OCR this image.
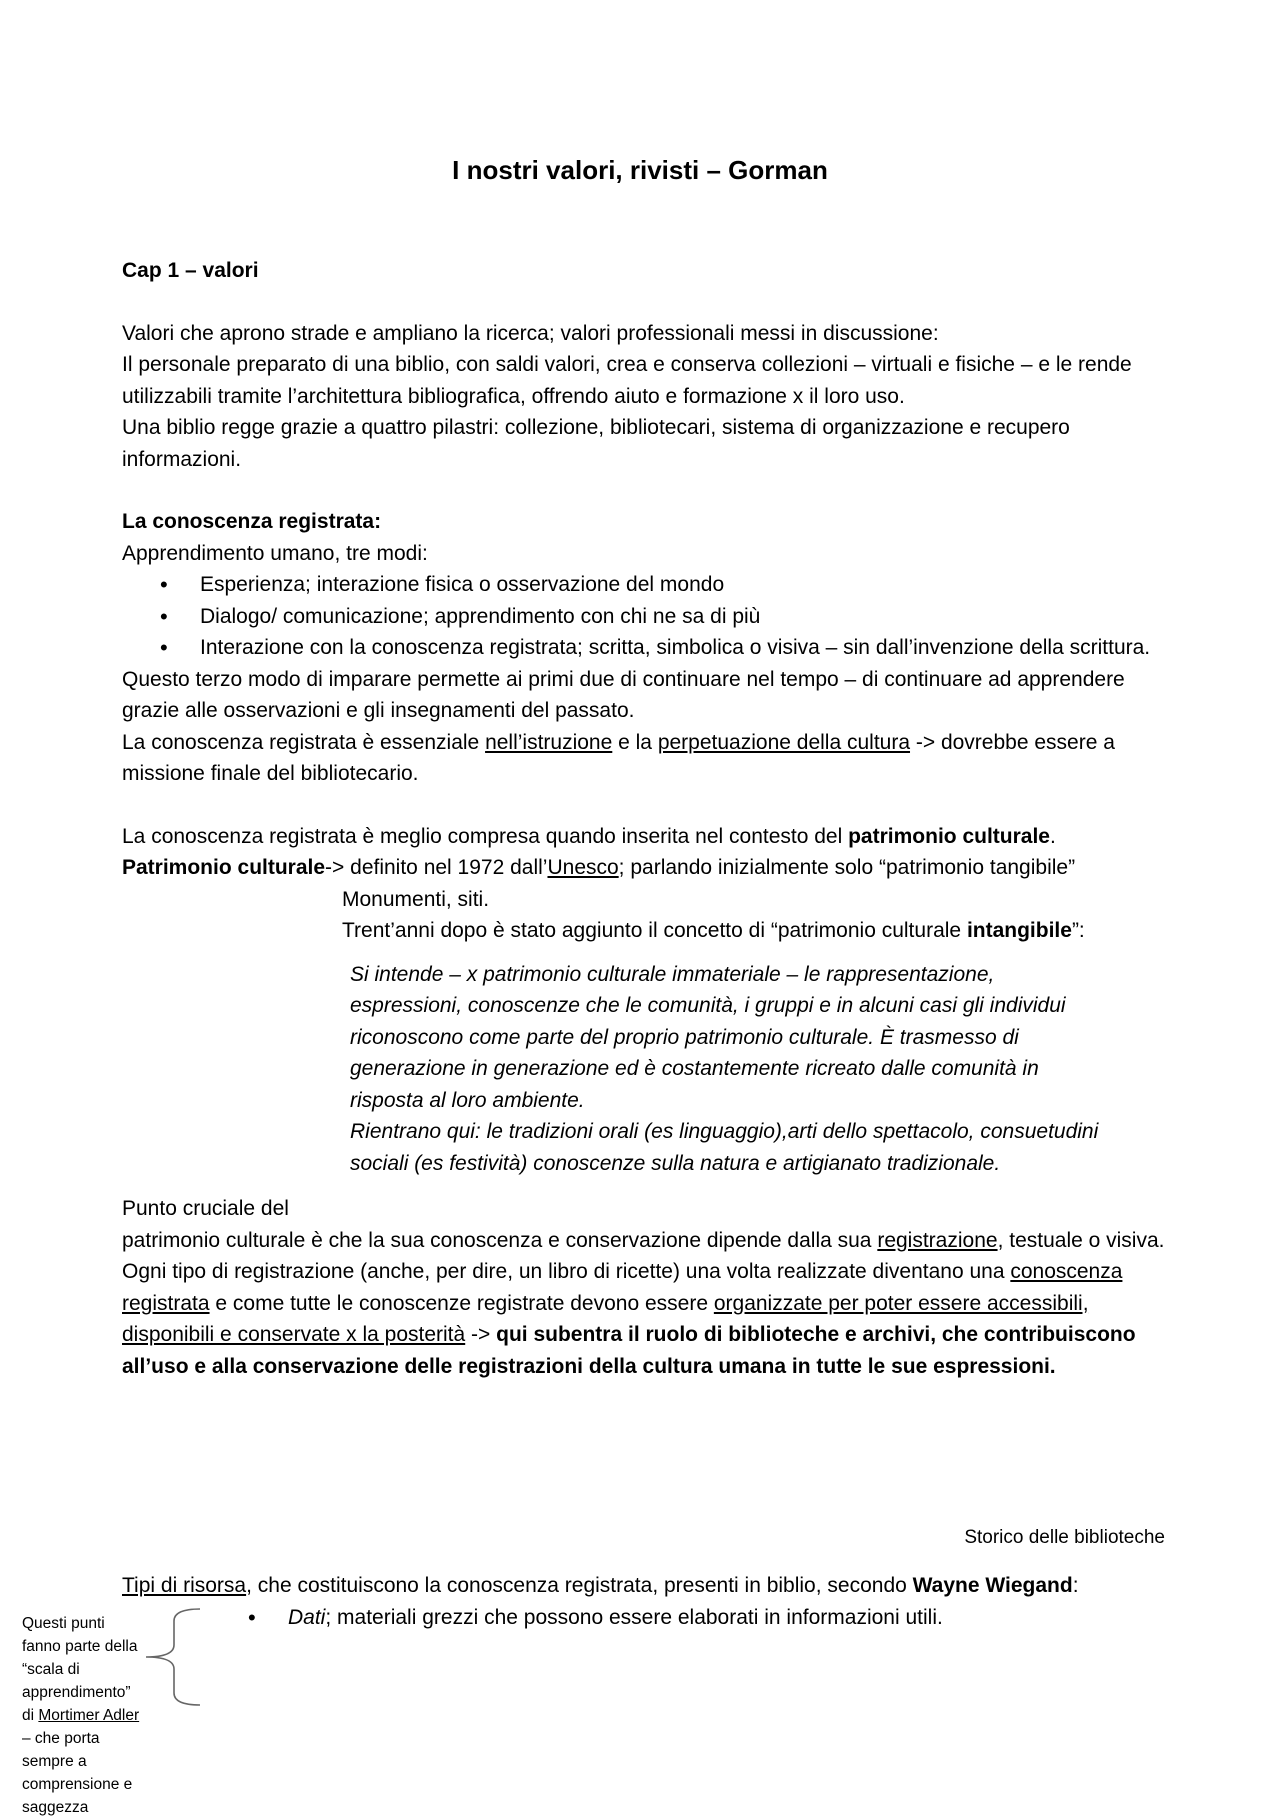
I nostri valori, rivisti – Gorman

Cap 1 – valori

Valori che aprono strade e ampliano la ricerca; valori professionali messi in discussione:

Il personale preparato di una biblio, con saldi valori, crea e conserva collezioni – virtuali e fisiche – e le rende utilizzabili tramite l’architettura bibliografica, offrendo aiuto e formazione x il loro uso.

Una biblio regge grazie a quattro pilastri: collezione, bibliotecari, sistema di organizzazione e recupero informazioni.

La conoscenza registrata:

Apprendimento umano, tre modi:

• Esperienza; interazione fisica o osservazione del mondo
• Dialogo/ comunicazione; apprendimento con chi ne sa di più
• Interazione con la conoscenza registrata; scritta, simbolica o visiva – sin dall’invenzione della scrittura.

Questo terzo modo di imparare permette ai primi due di continuare nel tempo – di continuare ad apprendere grazie alle osservazioni e gli insegnamenti del passato.

La conoscenza registrata è essenziale nell’istruzione e la perpetuazione della cultura -> dovrebbe essere a missione finale del bibliotecario.

La conoscenza registrata è meglio compresa quando inserita nel contesto del patrimonio culturale.

Patrimonio culturale-> definito nel 1972 dall’Unesco; parlando inizialmente solo “patrimonio tangibile”

Monumenti, siti.

Trent’anni dopo è stato aggiunto il concetto di “patrimonio culturale intangibile”:

Si intende – x patrimonio culturale immateriale – le rappresentazione, espressioni, conoscenze che le comunità, i gruppi e in alcuni casi gli individui riconoscono come parte del proprio patrimonio culturale. È trasmesso di generazione in generazione ed è costantemente ricreato dalle comunità in risposta al loro ambiente.

Rientrano qui: le tradizioni orali (es linguaggio),arti dello spettacolo, consuetudini sociali (es festività) conoscenze sulla natura e artigianato tradizionale.

Punto cruciale del

patrimonio culturale è che la sua conoscenza e conservazione dipende dalla sua registrazione, testuale o visiva.

Ogni tipo di registrazione (anche, per dire, un libro di ricette) una volta realizzate diventano una conoscenza registrata e come tutte le conoscenze registrate devono essere organizzate per poter essere accessibili, disponibili e conservate x la posterità -> qui subentra il ruolo di biblioteche e archivi, che contribuiscono all’uso e alla conservazione delle registrazioni della cultura umana in tutte le sue espressioni.

Storico delle biblioteche

Tipi di risorsa, che costituiscono la conoscenza registrata, presenti in biblio, secondo Wayne Wiegand:

• Dati; materiali grezzi che possono essere elaborati in informazioni utili.
Questi punti fanno parte della “scala di apprendimento” di Mortimer Adler – che porta sempre a comprensione e saggezza
